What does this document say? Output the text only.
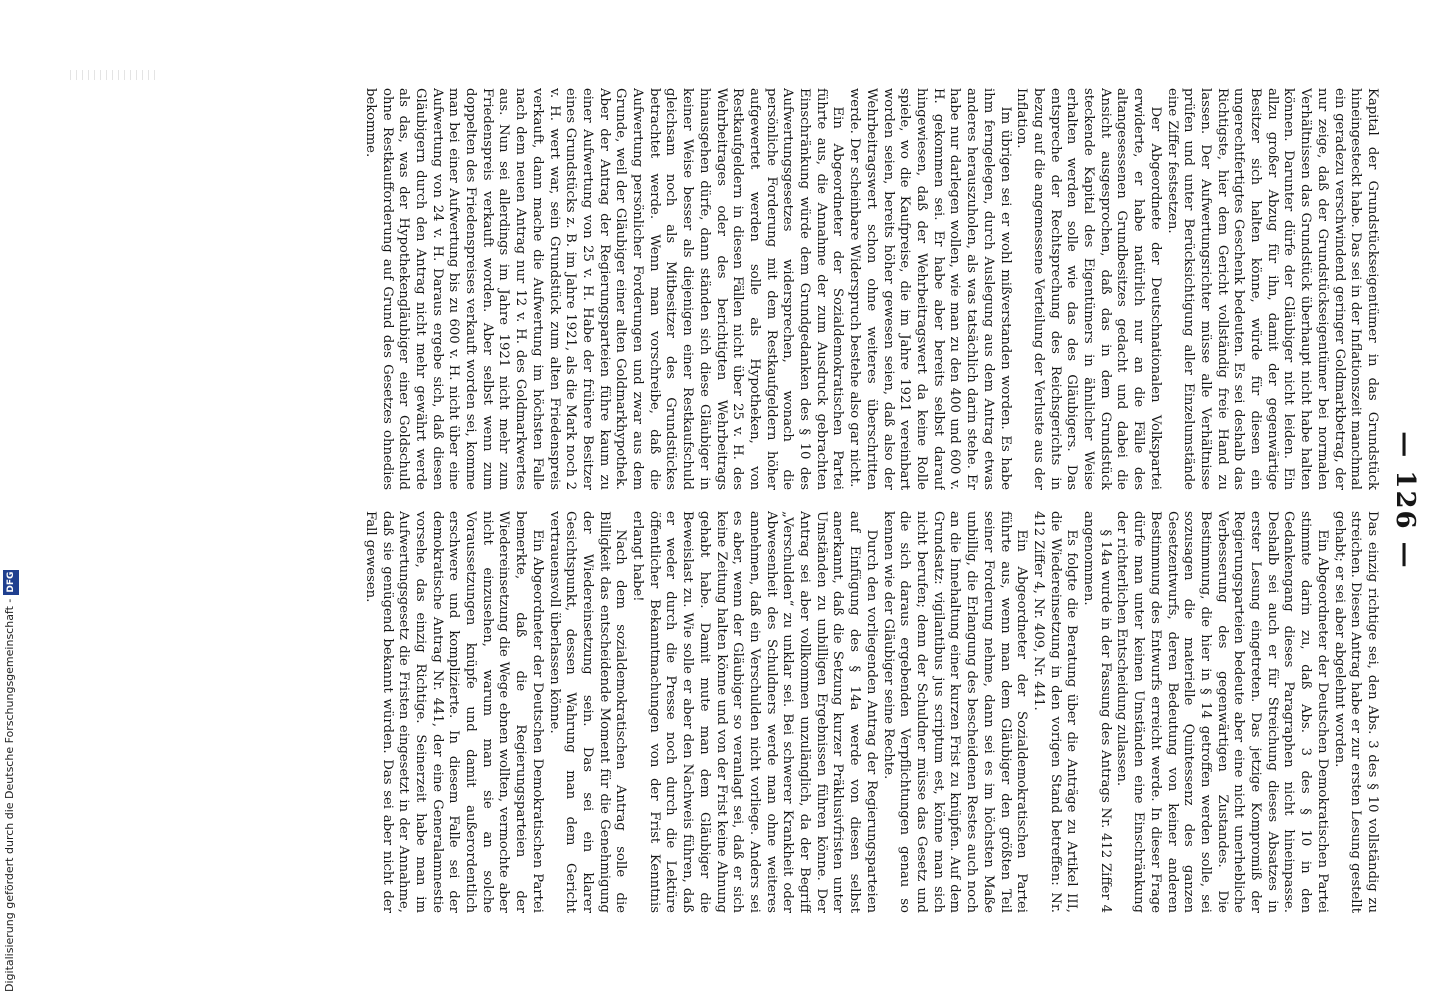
Digitalisierung gefördert durch die Deutsche Forschungsgemeinschaft -DFG
— 126 —

Kapital der Grundstückseigentümer in das Grundstück hineingesteckt habe. Das sei in der Inflationszeit manchmal ein geradezu verschwindend geringer Goldmarkbetrag, der nur zeige, daß der Grundstückseigentümer bei normalen Verhältnissen das Grundstück überhaupt nicht habe halten können. Darunter dürfe der Gläubiger nicht leiden. Ein allzu großer Abzug für ihn, damit der gegenwärtige Besitzer sich halten könne, würde für diesen ein ungerechtfertigtes Geschenk bedeuten. Es sei deshalb das Richtigste, hier dem Gericht vollständig freie Hand zu lassen. Der Aufwertungsrichter müsse alle Verhältnisse prüfen und unter Berücksichtigung aller Einzelumstände eine Ziffer festsetzen.

Der Abgeordnete der Deutschnationalen Volkspartei erwiderte, er habe natürlich nur an die Fälle des altangesessenen Grundbesitzes gedacht und dabei die Ansicht ausgesprochen, daß das in dem Grundstück steckende Kapital des Eigentümers in ähnlicher Weise erhalten werden solle wie das des Gläubigers. Das entspreche der Rechtsprechung des Reichsgerichts in bezug auf die angemessene Verteilung der Verluste aus der Inflation.

Im übrigen sei er wohl mißverstanden worden. Es habe ihm ferngelegen, durch Auslegung aus dem Antrag etwas anderes herauszuholen, als was tatsächlich darin stehe. Er habe nur darlegen wollen, wie man zu den 400 und 600 v. H. gekommen sei. Er habe aber bereits selbst darauf hingewiesen, daß der Wehrbeitragswert da keine Rolle spiele, wo die Kaufpreise, die im Jahre 1921 vereinbart worden seien, bereits höher gewesen seien, daß also der Wehrbeitragswert schon ohne weiteres überschritten werde. Der scheinbare Widerspruch bestehe also gar nicht.

Ein Abgeordneter der Sozialdemokratischen Partei führte aus, die Annahme der zum Ausdruck gebrachten Einschränkung würde dem Grundgedanken des § 10 des Aufwertungsgesetzes widersprechen, wonach die persönliche Forderung mit dem Restkaufgeldern höher aufgewertet werden solle als Hypotheken, von Restkaufgeldern in diesen Fällen nicht über 25 v. H. des Wehrbeitrages oder des berichtigten Wehrbeitrags hinausgehen dürfe, dann ständen sich diese Gläubiger in keiner Weise besser als diejenigen einer Restkaufschuld gleichsam noch als Mitbesitzer des Grundstückes betrachtet werde. Wenn man vorschreibe, daß die Aufwertung persönlicher Forderungen und zwar aus dem Grunde, weil der Gläubiger einer alten Goldmarkhypothek. Aber der Antrag der Regierungsparteien führe kaum zu einer Aufwertung von 25 v. H. Habe der frühere Besitzer eines Grundstücks z. B. im Jahre 1921, als die Mark noch 2 v. H. wert war, sein Grundstück zum alten Friedenspreis verkauft, dann mache die Aufwertung im höchsten Falle nach dem neuen Antrag nur 12 v. H. des Goldmarkwertes aus. Nun sei allerdings im Jahre 1921 nicht mehr zum Friedenspreis verkauft worden. Aber selbst wenn zum doppelten des Friedenspreises verkauft worden sei, komme man bei einer Aufwertung bis zu 600 v. H. nicht über eine Aufwertung von 24 v. H. Daraus ergebe sich, daß diesen Gläubigern durch den Antrag nicht mehr gewährt werde als das, was der Hypothekengläubiger einer Goldschuld ohne Restkaufforderung auf Grund des Gesetzes ohnedies bekomme.

Das einzig richtige sei, den Abs. 3 des § 10 vollständig zu streichen. Diesen Antrag habe er zur ersten Lesung gestellt gehabt; er sei aber abgelehnt worden.

Ein Abgeordneter der Deutschen Demokratischen Partei stimmte darin zu, daß Abs. 3 des § 10 in den Gedankengang dieses Paragraphen nicht hineinpasse. Deshalb sei auch er für Streichung dieses Absatzes in erster Lesung eingetreten. Das jetzige Kompromiß der Regierungsparteien bedeute aber eine nicht unerhebliche Verbesserung des gegenwärtigen Zustandes. Die Bestimmung, die hier in § 14 getroffen werden solle, sei sozusagen die materielle Quintessenz des ganzen Gesetzentwurfs, deren Bedeutung von keiner anderen Bestimmung des Entwurfs erreicht werde. In dieser Frage dürfe man unter keinen Umständen eine Einschränkung der richterlichen Entscheidung zulassen.

§ 14a wurde in der Fassung des Antrags Nr. 412 Ziffer 4 angenommen.

Es folgte die Beratung über die Anträge zu Artikel III, die Wiedereinsetzung in den vorigen Stand betreffen: Nr. 412 Ziffer 4, Nr. 409, Nr. 441.

Ein Abgeordneter der Sozialdemokratischen Partei führte aus, wenn man dem Gläubiger den größten Teil seiner Forderung nehme, dann sei es im höchsten Maße unbillig, die Erlangung des bescheidenen Restes auch noch an die Innehaltung einer kurzen Frist zu knüpfen. Auf dem Grundsatz: vigilantibus jus scriptum est, könne man sich nicht berufen; denn der Schuldner müsse das Gesetz und die sich daraus ergebenden Verpflichtungen genau so kennen wie der Gläubiger seine Rechte.

Durch den vorliegenden Antrag der Regierungsparteien auf Einfügung des § 14a werde von diesen selbst anerkannt, daß die Setzung kurzer Präklusivfristen unter Umständen zu unbilligen Ergebnissen führen könne. Der Antrag sei aber vollkommen unzulänglich, da der Begriff „Verschulden“ zu unklar sei. Bei schwerer Krankheit oder Abwesenheit des Schuldners werde man ohne weiteres annehmen, daß ein Verschulden nicht vorliege. Anders sei es aber, wenn der Gläubiger so veranlagt sei, daß er sich keine Zeitung halten könne und von der Frist keine Ahnung gehabt habe. Damit mute man dem Gläubiger die Beweislast zu. Wie solle er aber den Nachweis führen, daß er weder durch die Presse noch durch die Lektüre öffentlicher Bekanntmachungen von der Frist Kenntnis erlangt habe!

Nach dem sozialdemokratischen Antrag solle die Billigkeit das entscheidende Moment für die Genehmigung der Wiedereinsetzung sein. Das sei ein klarer Gesichtspunkt, dessen Wahrung man dem Gericht vertrauensvoll überlassen könne.

Ein Abgeordneter der Deutschen Demokratischen Partei bemerkte, daß die Regierungsparteien der Wiedereinsetzung die Wege ebnen wollten, vermochte aber nicht einzusehen, warum man sie an solche Voraussetzungen knüpfe und damit außerordentlich erschwere und komplizierte. In diesem Falle sei der demokratische Antrag Nr. 441, der eine Generalamnestie vorsehe, das einzig Richtige. Seinerzeit habe man im Aufwertungsgesetz die Fristen eingesetzt in der Annahme, daß sie genügend bekannt würden. Das sei aber nicht der Fall gewesen.
